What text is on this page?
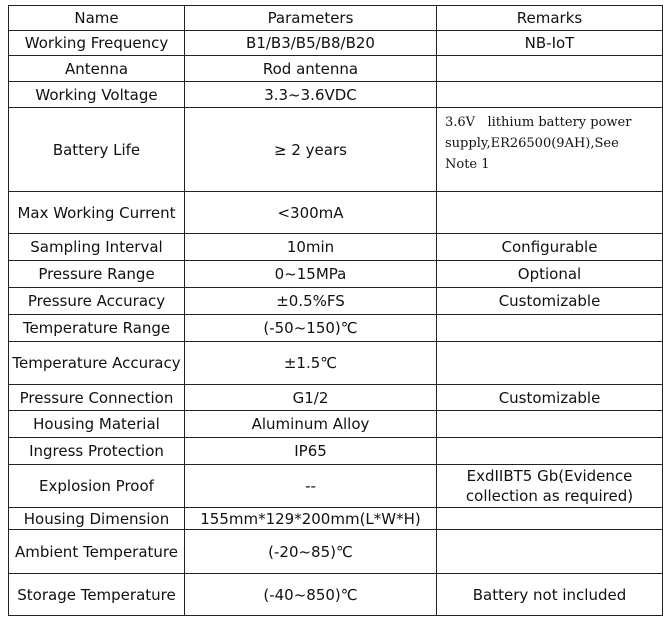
Name	Parameters	Remarks
Working Frequency	B1/B3/B5/B8/B20	NB-IoT
Antenna	Rod antenna	
Working Voltage	3.3~3.6VDC	
Battery Life	≥ 2 years	3.6V   lithium battery power supply,ER26500(9AH),See Note 1
Max Working Current	<300mA	
Sampling Interval	10min	Configurable
Pressure Range	0~15MPa	Optional
Pressure Accuracy	±0.5%FS	Customizable
Temperature Range	(-50~150)℃	
Temperature Accuracy	±1.5℃	
Pressure Connection	G1/2	Customizable
Housing Material	Aluminum Alloy	
Ingress Protection	IP65	
Explosion Proof	--	ExdIIBT5 Gb(Evidence collection as required)
Housing Dimension	155mm*129*200mm(L*W*H)	
Ambient Temperature	(-20~85)℃	
Storage Temperature	(-40~850)℃	Battery not included
